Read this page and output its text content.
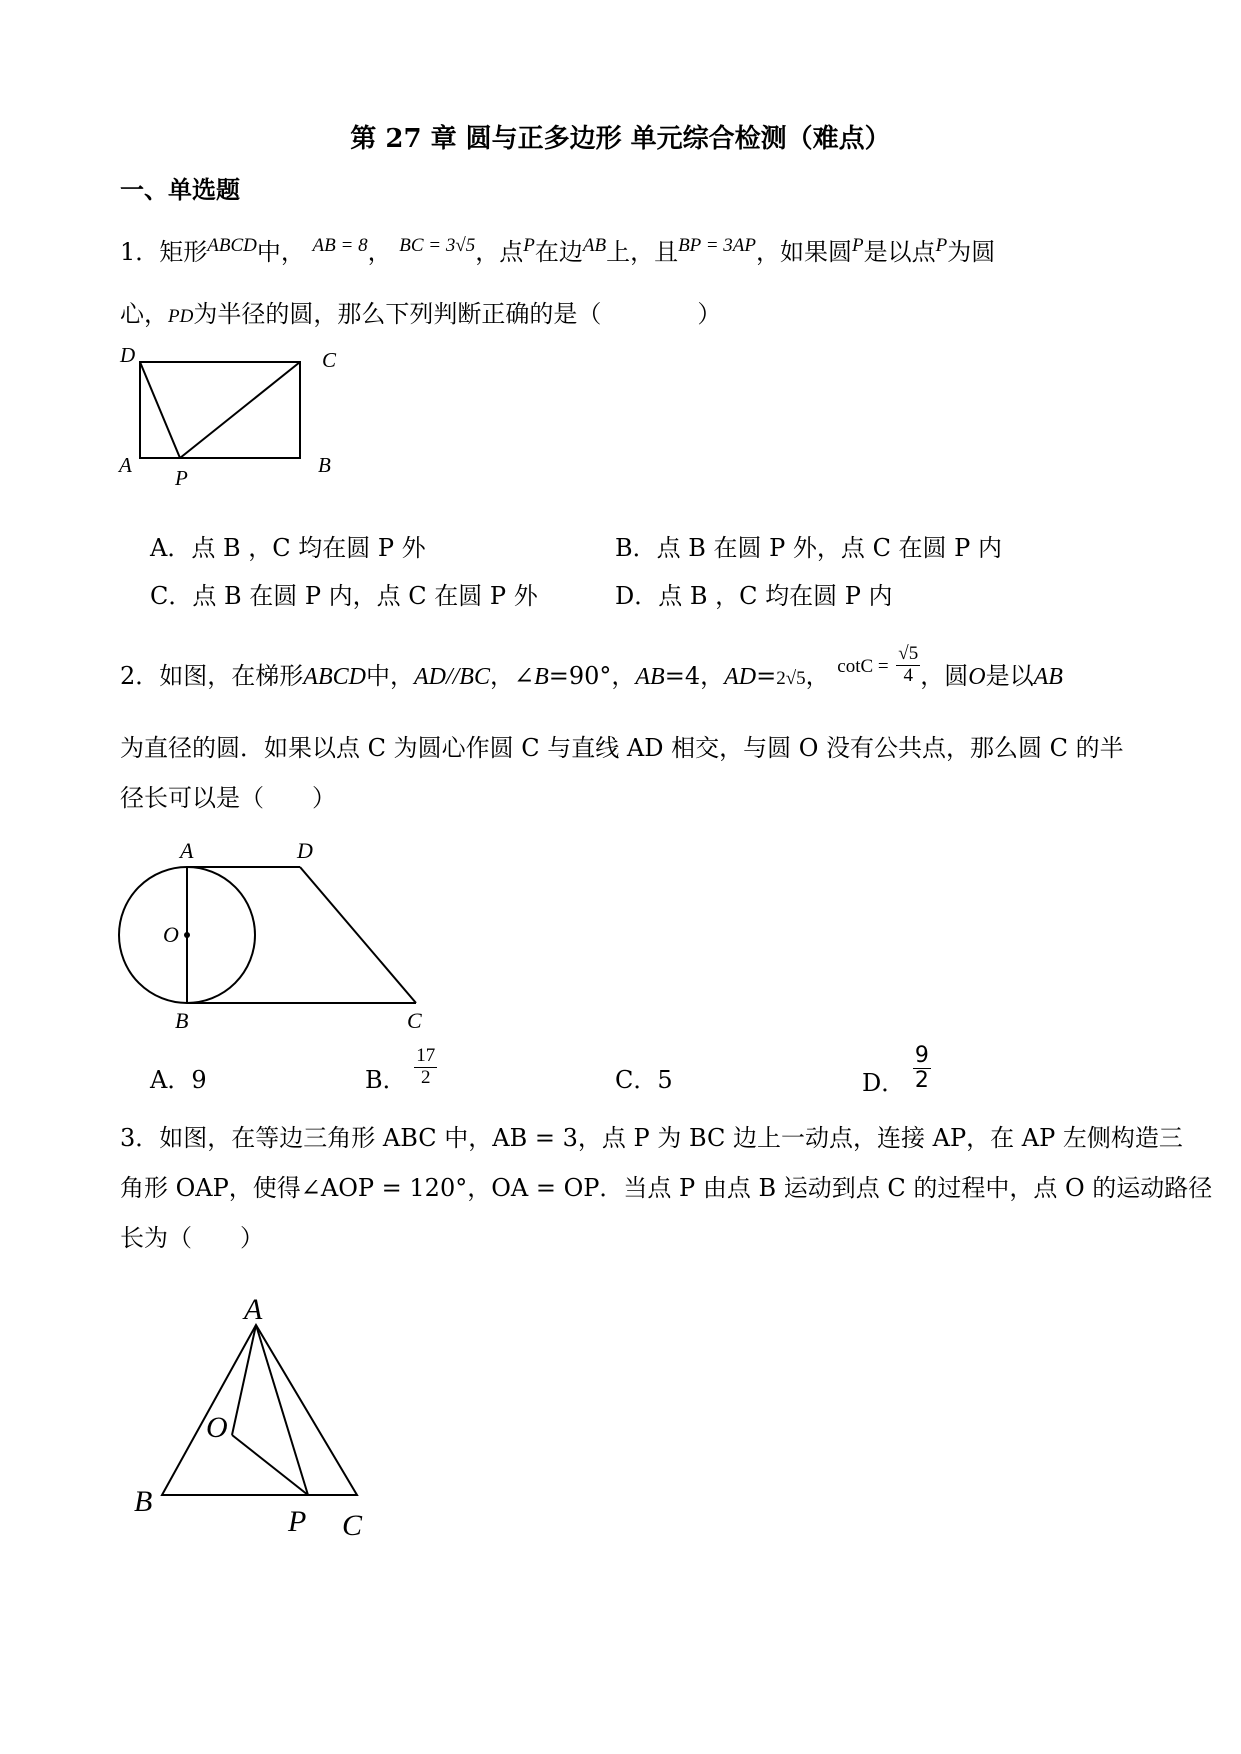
第 27 章 圆与正多边形 单元综合检测（难点）
一、单选题
1．矩形$^{ABCD}$中， $^{AB = 8}$， $^{BC = 3√5}$，点$^P$在边$^{AB}$上，且$^{BP = 3AP}$，如果圆$^P$是以点$^P$为圆
心，PD为半径的圆，那么下列判断正确的是（　　　　）
D	C
A
P
B
A．点 B ，C 均在圆 P 外	B．点 B 在圆 P 外，点 C 在圆 P 内
C．点 B 在圆 P 内，点 C 在圆 P 外	D．点 B ，C 均在圆 P 内
2．如图，在梯形ABCD中，AD//BC，∠B=90°，AB=4，AD=2√5， $^{cotC =} \frac{√5}{4}$ ，圆O是以AB
为直径的圆．如果以点 C 为圆心作圆 C 与直线 AD 相交，与圆 O 没有公共点，那么圆 C 的半
径长可以是（　　）
A	D
O
B	C
A．9	B． $\frac{17}{2}$	C．5	D． $\frac{9}{2}$
3．如图，在等边三角形 ABC 中，AB = 3，点 P 为 BC 边上一动点，连接 AP，在 AP 左侧构造三
角形 OAP，使得∠AOP = 120°，OA = OP．当点 P 由点 B 运动到点 C 的过程中，点 O 的运动路径
长为（　　）
A
O
B
P C
